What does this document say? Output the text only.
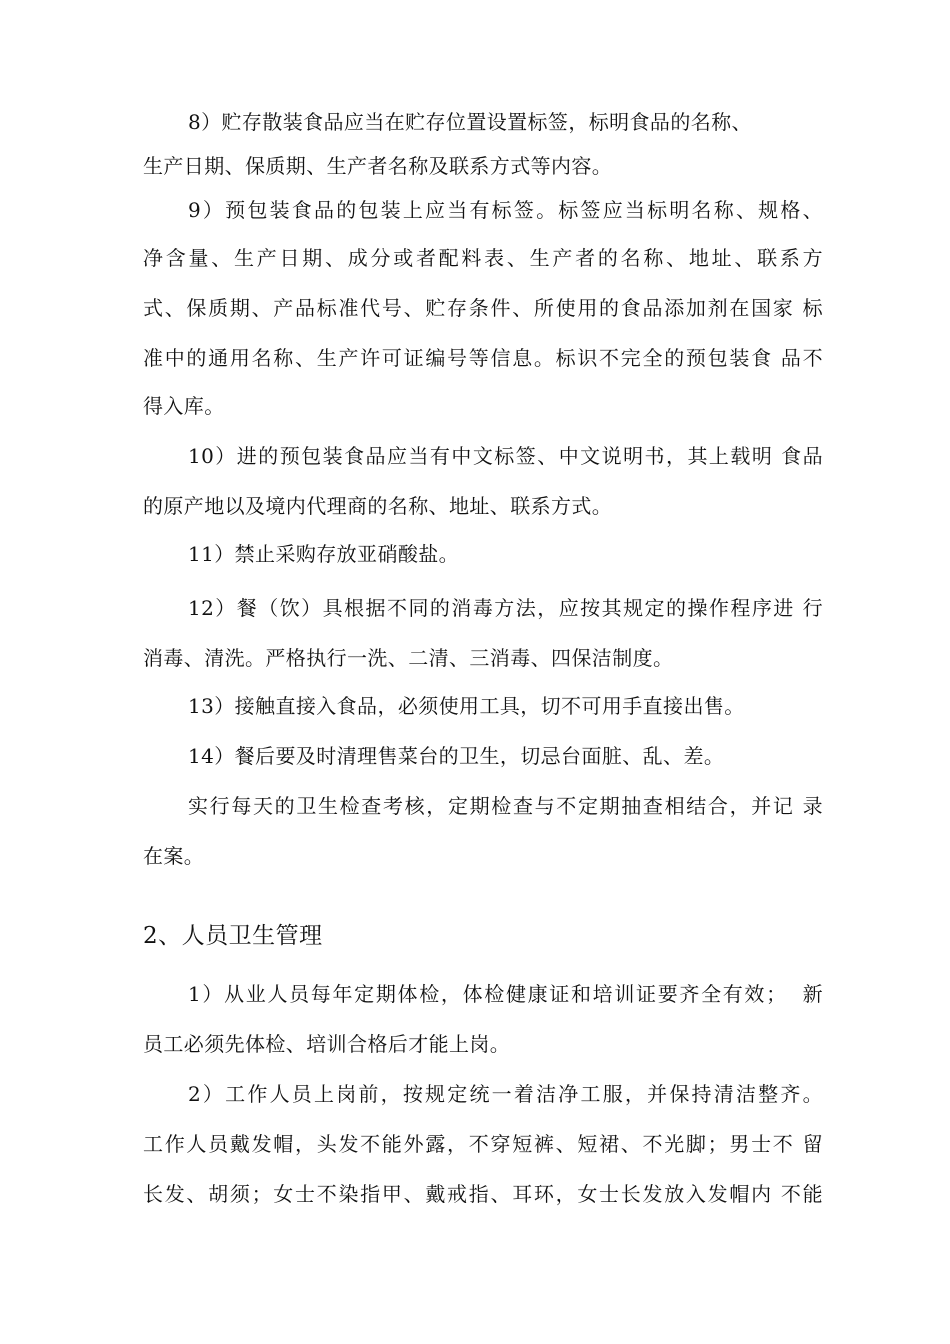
8）贮存散装食品应当在贮存位置设置标签，标明食品的名称、
生产日期、保质期、生产者名称及联系方式等内容。
9）预包装食品的包装上应当有标签。标签应当标明名称、规格、
净含量、生产日期、成分或者配料表、生产者的名称、地址、联系方
式、保质期、产品标准代号、贮存条件、所使用的食品添加剂在国家 标
准中的通用名称、生产许可证编号等信息。标识不完全的预包装食 品不
得入库。
10）进的预包装食品应当有中文标签、中文说明书，其上载明 食品
的原产地以及境内代理商的名称、地址、联系方式。
11）禁止采购存放亚硝酸盐。
12）餐（饮）具根据不同的消毒方法，应按其规定的操作程序进 行
消毒、清洗。严格执行一洗、二清、三消毒、四保洁制度。
13）接触直接入食品，必须使用工具，切不可用手直接出售。
14）餐后要及时清理售菜台的卫生，切忌台面脏、乱、差。
实行每天的卫生检查考核，定期检查与不定期抽查相结合，并记 录
在案。
2、人员卫生管理
1）从业人员每年定期体检，体检健康证和培训证要齐全有效；  新
员工必须先体检、培训合格后才能上岗。
2）工作人员上岗前，按规定统一着洁净工服，并保持清洁整齐。
工作人员戴发帽，头发不能外露，不穿短裤、短裙、不光脚；男士不 留
长发、胡须；女士不染指甲、戴戒指、耳环，女士长发放入发帽内 不能
